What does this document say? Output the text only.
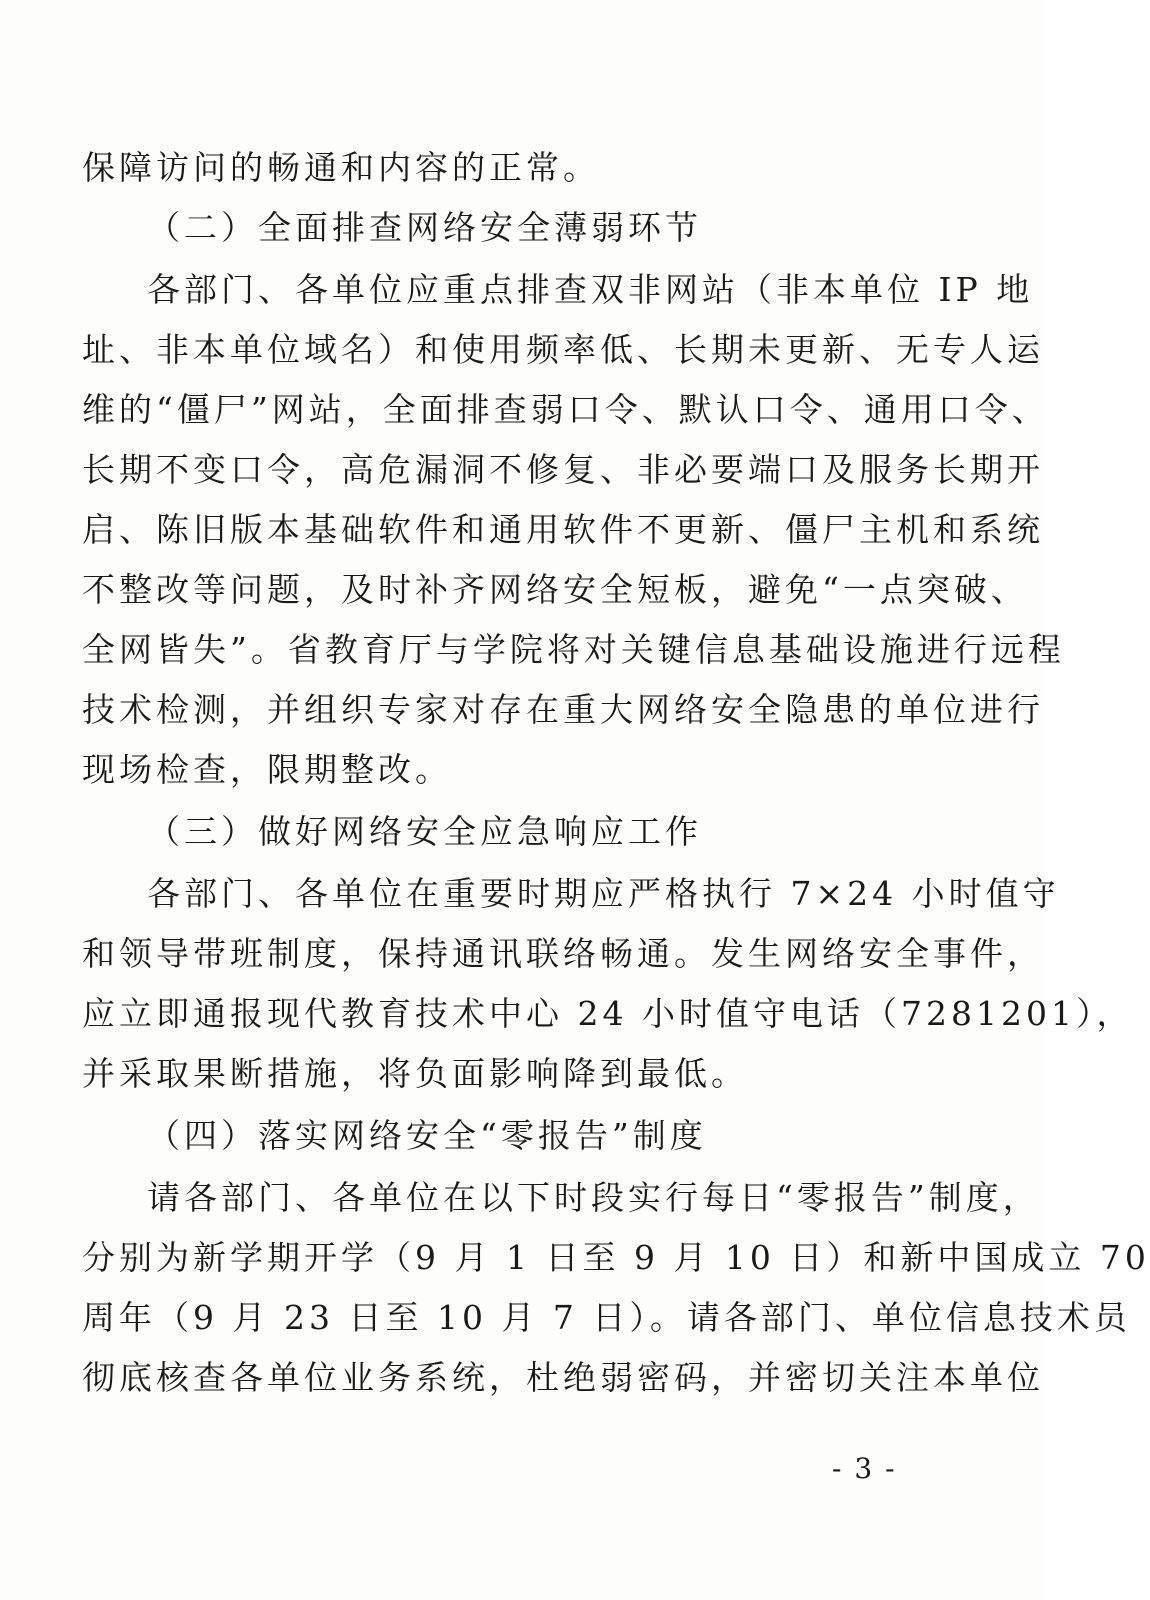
保障访问的畅通和内容的正常。
（二）全面排查网络安全薄弱环节
各部门、各单位应重点排查双非网站（非本单位 IP 地
址、非本单位域名）和使用频率低、长期未更新、无专人运
维的“僵尸”网站，全面排查弱口令、默认口令、通用口令、
长期不变口令，高危漏洞不修复、非必要端口及服务长期开
启、陈旧版本基础软件和通用软件不更新、僵尸主机和系统
不整改等问题，及时补齐网络安全短板，避免“一点突破、
全网皆失”。省教育厅与学院将对关键信息基础设施进行远程
技术检测，并组织专家对存在重大网络安全隐患的单位进行
现场检查，限期整改。
（三）做好网络安全应急响应工作
各部门、各单位在重要时期应严格执行 7×24 小时值守
和领导带班制度，保持通讯联络畅通。发生网络安全事件，
应立即通报现代教育技术中心 24 小时值守电话（7281201），
并采取果断措施，将负面影响降到最低。
（四）落实网络安全“零报告”制度
请各部门、各单位在以下时段实行每日“零报告”制度，
分别为新学期开学（9 月 1 日至 9 月 10 日）和新中国成立 70
周年（9 月 23 日至 10 月 7 日）。请各部门、单位信息技术员
彻底核查各单位业务系统，杜绝弱密码，并密切关注本单位
- 3 -
